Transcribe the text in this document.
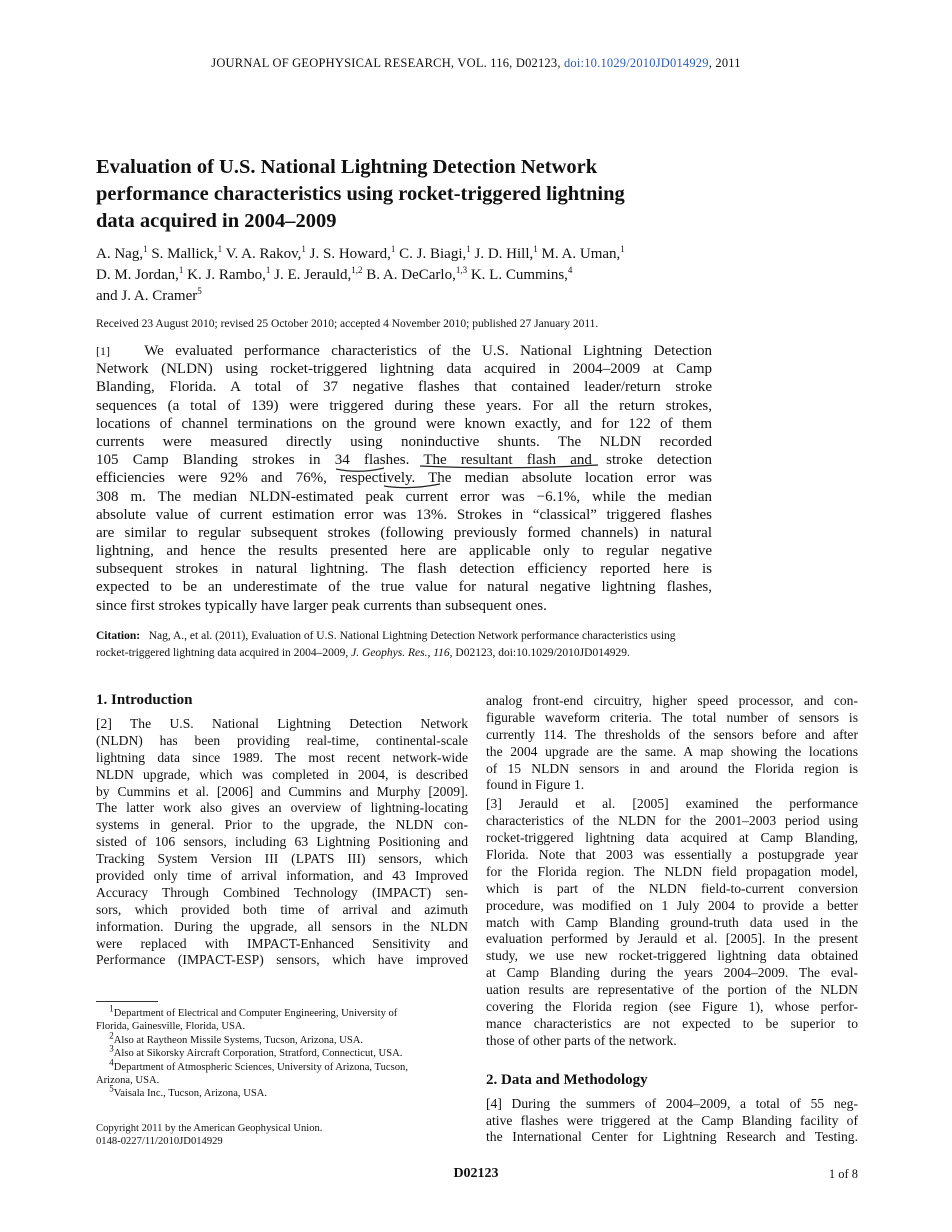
JOURNAL OF GEOPHYSICAL RESEARCH, VOL. 116, D02123, doi:10.1029/2010JD014929, 2011
Evaluation of U.S. National Lightning Detection Network
performance characteristics using rocket-triggered lightning
data acquired in 2004–2009
A. Nag,$^1$ S. Mallick,$^1$ V. A. Rakov,$^1$ J. S. Howard,$^1$ C. J. Biagi,$^1$ J. D. Hill,$^1$ M. A. Uman,$^1$
D. M. Jordan,$^1$ K. J. Rambo,$^1$ J. E. Jerauld,$^{1,2}$ B. A. DeCarlo,$^{1,3}$ K. L. Cummins,$^4$
and J. A. Cramer$^5$
Received 23 August 2010; revised 25 October 2010; accepted 4 November 2010; published 27 January 2011.
[1] We evaluated performance characteristics of the U.S. National Lightning Detection
Network (NLDN) using rocket-triggered lightning data acquired in 2004–2009 at Camp
Blanding, Florida. A total of 37 negative flashes that contained leader/return stroke
sequences (a total of 139) were triggered during these years. For all the return strokes,
locations of channel terminations on the ground were known exactly, and for 122 of them
currents were measured directly using noninductive shunts. The NLDN recorded
105 Camp Blanding strokes in 34 flashes. The resultant flash and stroke detection
efficiencies were 92% and 76%, respectively. The median absolute location error was
308 m. The median NLDN-estimated peak current error was −6.1%, while the median
absolute value of current estimation error was 13%. Strokes in “classical” triggered flashes
are similar to regular subsequent strokes (following previously formed channels) in natural
lightning, and hence the results presented here are applicable only to regular negative
subsequent strokes in natural lightning. The flash detection efficiency reported here is
expected to be an underestimate of the true value for natural negative lightning flashes,
since first strokes typically have larger peak currents than subsequent ones.
Citation: Nag, A., et al. (2011), Evaluation of U.S. National Lightning Detection Network performance characteristics using
rocket-triggered lightning data acquired in 2004–2009, J. Geophys. Res., 116, D02123, doi:10.1029/2010JD014929.
1. Introduction
[2] The U.S. National Lightning Detection Network
(NLDN) has been providing real-time, continental-scale
lightning data since 1989. The most recent network-wide
NLDN upgrade, which was completed in 2004, is described
by Cummins et al. [2006] and Cummins and Murphy [2009].
The latter work also gives an overview of lightning-locating
systems in general. Prior to the upgrade, the NLDN con-
sisted of 106 sensors, including 63 Lightning Positioning and
Tracking System Version III (LPATS III) sensors, which
provided only time of arrival information, and 43 Improved
Accuracy Through Combined Technology (IMPACT) sen-
sors, which provided both time of arrival and azimuth
information. During the upgrade, all sensors in the NLDN
were replaced with IMPACT-Enhanced Sensitivity and
Performance (IMPACT-ESP) sensors, which have improved
$^1$Department of Electrical and Computer Engineering, University of
Florida, Gainesville, Florida, USA.
$^2$Also at Raytheon Missile Systems, Tucson, Arizona, USA.
$^3$Also at Sikorsky Aircraft Corporation, Stratford, Connecticut, USA.
$^4$Department of Atmospheric Sciences, University of Arizona, Tucson,
Arizona, USA.
$^5$Vaisala Inc., Tucson, Arizona, USA.
Copyright 2011 by the American Geophysical Union.
0148-0227/11/2010JD014929
analog front-end circuitry, higher speed processor, and con-
figurable waveform criteria. The total number of sensors is
currently 114. The thresholds of the sensors before and after
the 2004 upgrade are the same. A map showing the locations
of 15 NLDN sensors in and around the Florida region is
found in Figure 1.
[3] Jerauld et al. [2005] examined the performance
characteristics of the NLDN for the 2001–2003 period using
rocket-triggered lightning data acquired at Camp Blanding,
Florida. Note that 2003 was essentially a postupgrade year
for the Florida region. The NLDN field propagation model,
which is part of the NLDN field-to-current conversion
procedure, was modified on 1 July 2004 to provide a better
match with Camp Blanding ground-truth data used in the
evaluation performed by Jerauld et al. [2005]. In the present
study, we use new rocket-triggered lightning data obtained
at Camp Blanding during the years 2004–2009. The eval-
uation results are representative of the portion of the NLDN
covering the Florida region (see Figure 1), whose perfor-
mance characteristics are not expected to be superior to
those of other parts of the network.
2. Data and Methodology
[4] During the summers of 2004–2009, a total of 55 neg-
ative flashes were triggered at the Camp Blanding facility of
the International Center for Lightning Research and Testing.
D02123	1 of 8
